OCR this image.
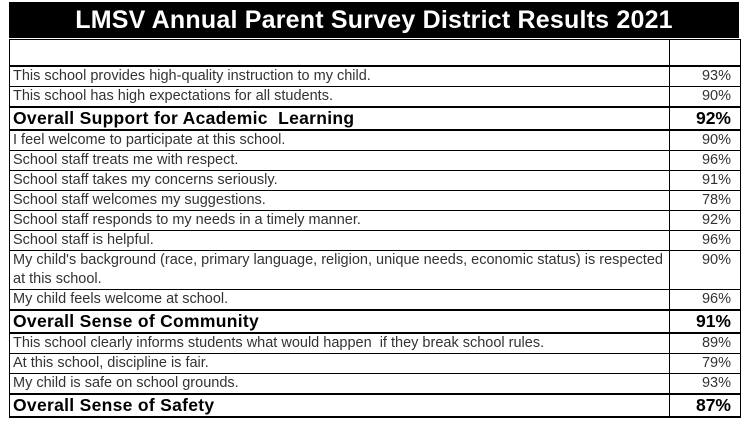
LMSV Annual Parent Survey District Results 2021

This school provides high-quality instruction to my child.	93%
This school has high expectations for all students.	90%
Overall Support for Academic  Learning	92%
I feel welcome to participate at this school.	90%
School staff treats me with respect.	96%
School staff takes my concerns seriously.	91%
School staff welcomes my suggestions.	78%
School staff responds to my needs in a timely manner.	92%
School staff is helpful.	96%
My child's background (race, primary language, religion, unique needs, economic status) is respected at this school.	90%
My child feels welcome at school.	96%
Overall Sense of Community	91%
This school clearly informs students what would happen  if they break school rules.	89%
At this school, discipline is fair.	79%
My child is safe on school grounds.	93%
Overall Sense of Safety	87%
